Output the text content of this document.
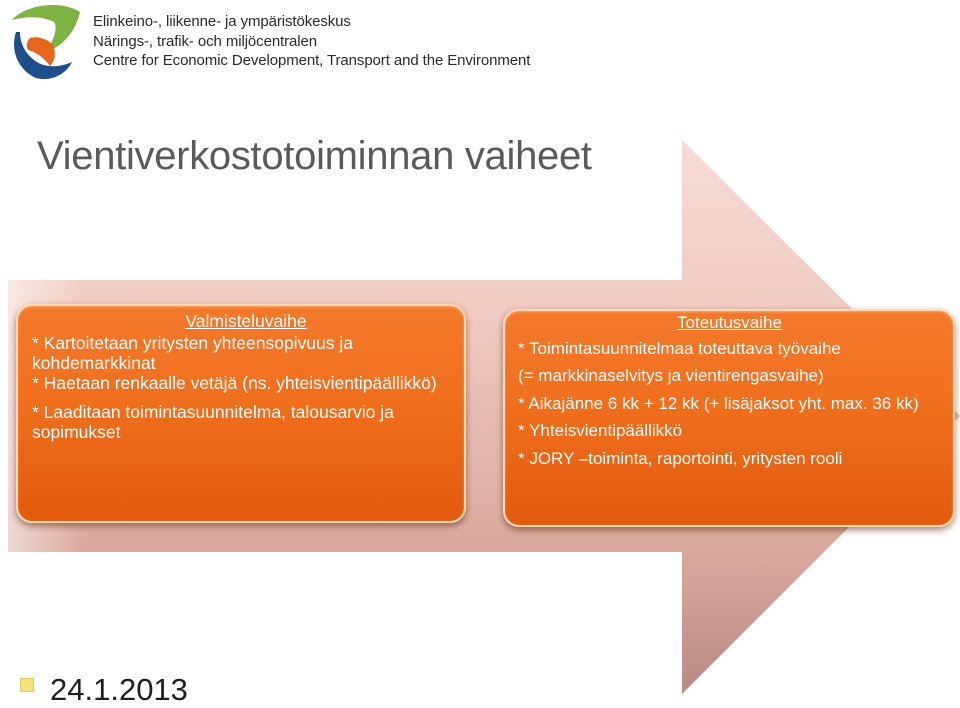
Elinkeino-, liikenne- ja ympäristökeskus
Närings-, trafik- och miljöcentralen
Centre for Economic Development, Transport and the Environment
Vientiverkostotoiminnan vaiheet
Valmisteluvaihe

* Kartoitetaan yritysten yhteensopivuus ja kohdemarkkinat

* Haetaan renkaalle vetäjä (ns. yhteisvientipäällikkö)

* Laaditaan toimintasuunnitelma, talousarvio ja sopimukset

Toteutusvaihe

* Toimintasuunnitelmaa toteuttava työvaihe

(= markkinaselvitys ja vientirengasvaihe)

* Aikajänne 6 kk + 12 kk (+ lisäjaksot yht. max. 36 kk)

* Yhteisvientipäällikkö

* JORY –toiminta, raportointi, yritysten rooli

24.1.2013
